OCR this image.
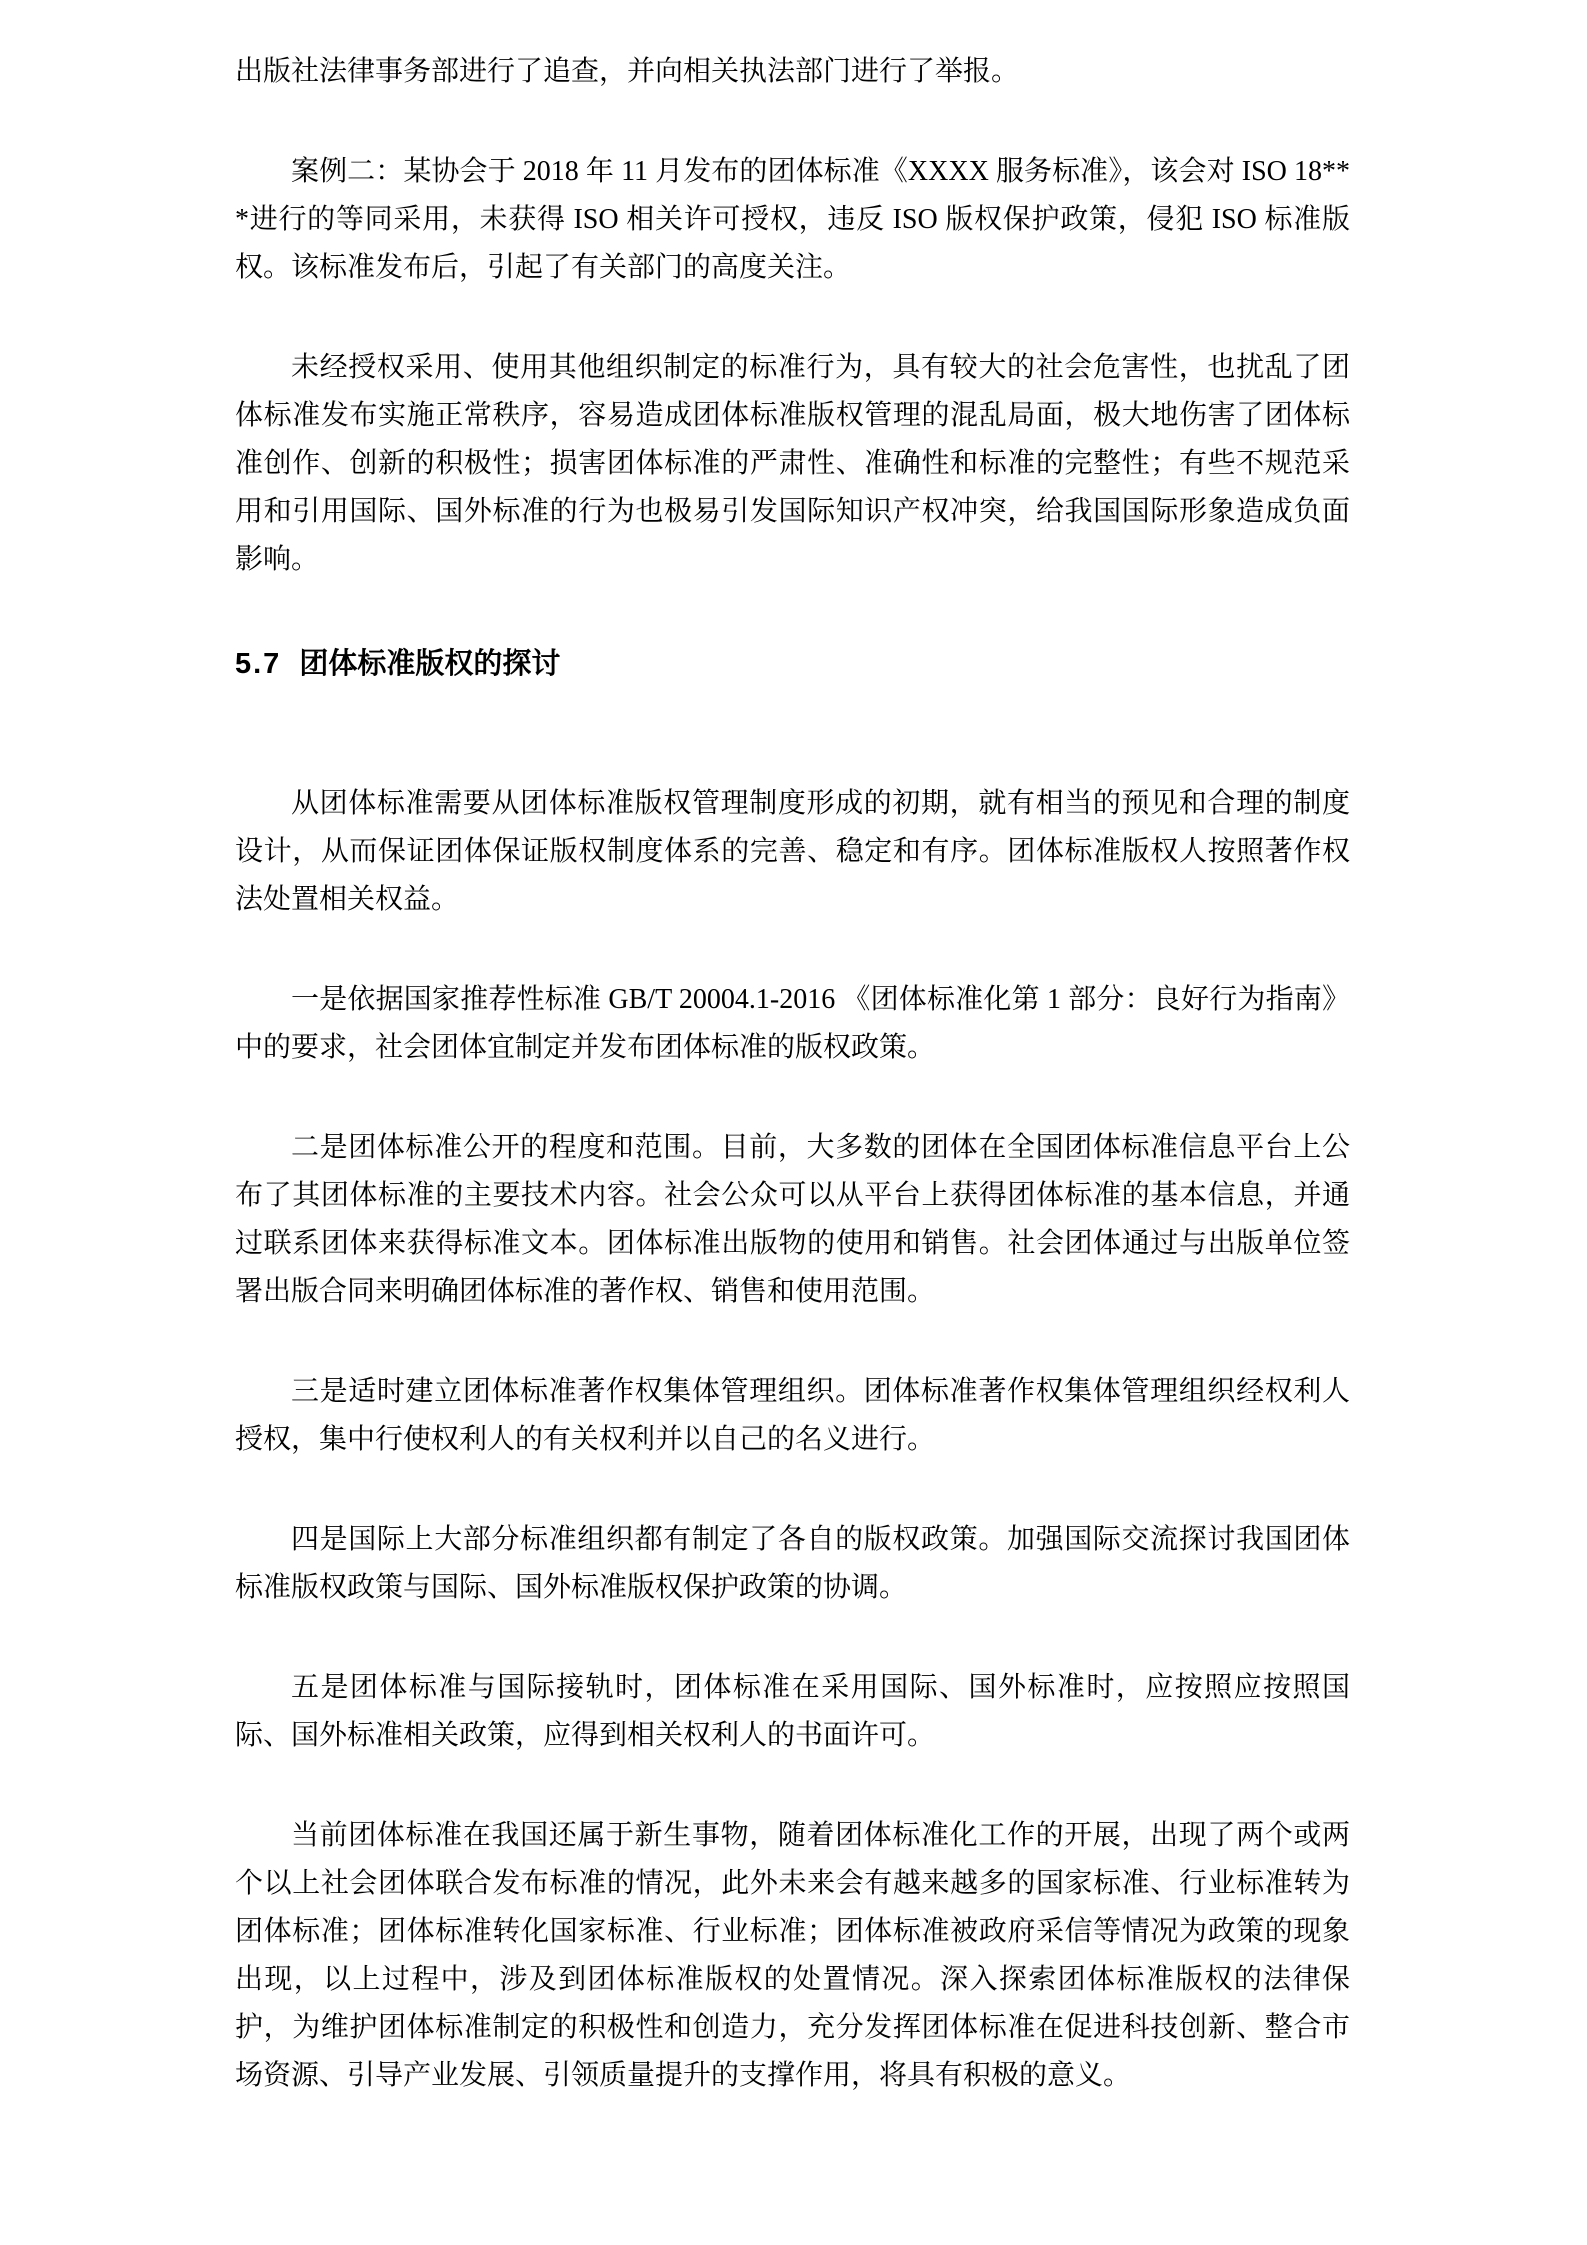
出版社法律事务部进行了追查，并向相关执法部门进行了举报。

案例二：某协会于 2018 年 11 月发布的团体标准《XXXX 服务标准》，该会对 ISO 18***进行的等同采用，未获得 ISO 相关许可授权，违反 ISO 版权保护政策，侵犯 ISO 标准版权。该标准发布后，引起了有关部门的高度关注。

未经授权采用、使用其他组织制定的标准行为，具有较大的社会危害性，也扰乱了团体标准发布实施正常秩序，容易造成团体标准版权管理的混乱局面，极大地伤害了团体标准创作、创新的积极性；损害团体标准的严肃性、准确性和标准的完整性；有些不规范采用和引用国际、国外标准的行为也极易引发国际知识产权冲突，给我国国际形象造成负面影响。

5.7 团体标准版权的探讨

从团体标准需要从团体标准版权管理制度形成的初期，就有相当的预见和合理的制度设计，从而保证团体保证版权制度体系的完善、稳定和有序。团体标准版权人按照著作权法处置相关权益。

一是依据国家推荐性标准 GB/T 20004.1-2016 《团体标准化第 1 部分：良好行为指南》中的要求，社会团体宜制定并发布团体标准的版权政策。

二是团体标准公开的程度和范围。目前，大多数的团体在全国团体标准信息平台上公布了其团体标准的主要技术内容。社会公众可以从平台上获得团体标准的基本信息，并通过联系团体来获得标准文本。团体标准出版物的使用和销售。社会团体通过与出版单位签署出版合同来明确团体标准的著作权、销售和使用范围。

三是适时建立团体标准著作权集体管理组织。团体标准著作权集体管理组织经权利人授权，集中行使权利人的有关权利并以自己的名义进行。

四是国际上大部分标准组织都有制定了各自的版权政策。加强国际交流探讨我国团体标准版权政策与国际、国外标准版权保护政策的协调。

五是团体标准与国际接轨时，团体标准在采用国际、国外标准时，应按照应按照国际、国外标准相关政策，应得到相关权利人的书面许可。

当前团体标准在我国还属于新生事物，随着团体标准化工作的开展，出现了两个或两个以上社会团体联合发布标准的情况，此外未来会有越来越多的国家标准、行业标准转为团体标准；团体标准转化国家标准、行业标准；团体标准被政府采信等情况为政策的现象出现，以上过程中，涉及到团体标准版权的处置情况。深入探索团体标准版权的法律保护，为维护团体标准制定的积极性和创造力，充分发挥团体标准在促进科技创新、整合市场资源、引导产业发展、引领质量提升的支撑作用，将具有积极的意义。
